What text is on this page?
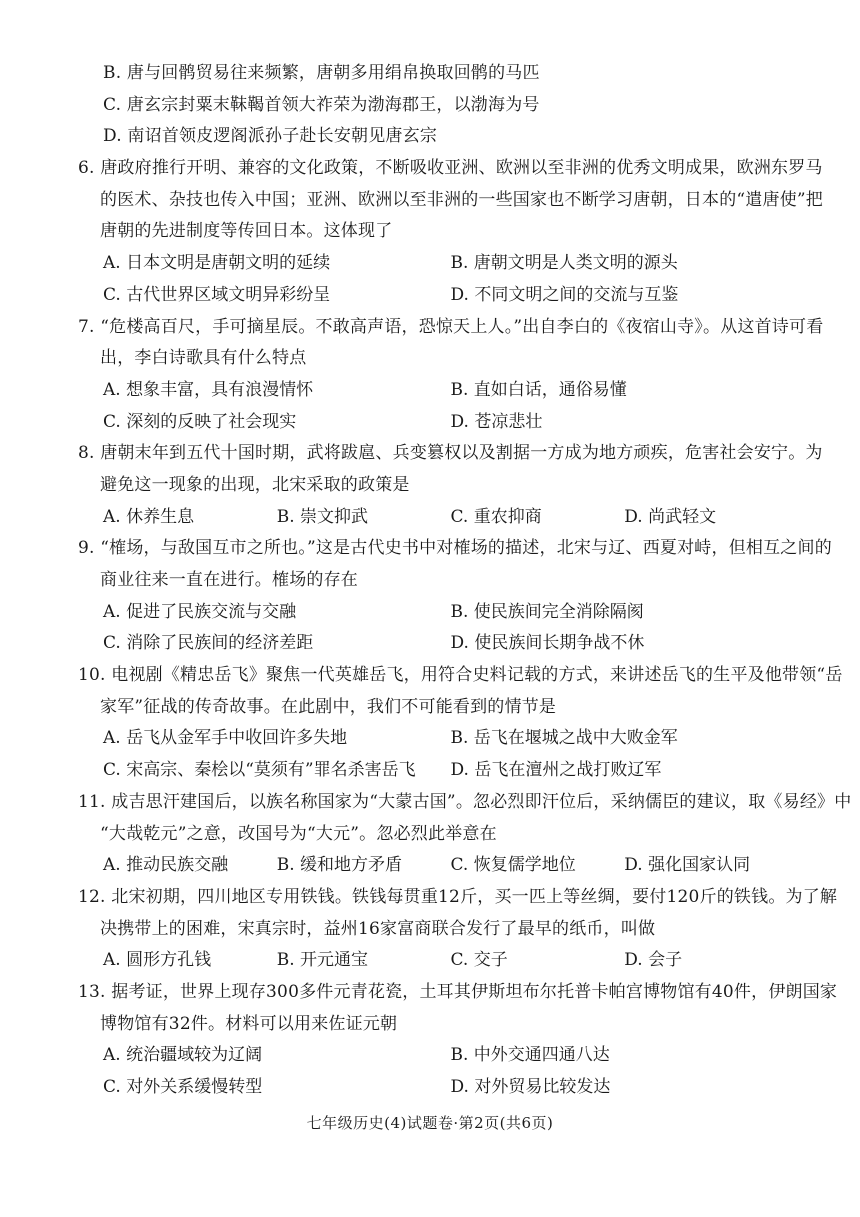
B. 唐与回鹘贸易往来频繁，唐朝多用绢帛换取回鹘的马匹
C. 唐玄宗封粟末靺鞨首领大祚荣为渤海郡王，以渤海为号
D. 南诏首领皮逻阁派孙子赴长安朝见唐玄宗
6. 唐政府推行开明、兼容的文化政策，不断吸收亚洲、欧洲以至非洲的优秀文明成果，欧洲东罗马
的医术、杂技也传入中国；亚洲、欧洲以至非洲的一些国家也不断学习唐朝，日本的“遣唐使”把
唐朝的先进制度等传回日本。这体现了
A. 日本文明是唐朝文明的延续	B. 唐朝文明是人类文明的源头
C. 古代世界区域文明异彩纷呈	D. 不同文明之间的交流与互鉴
7. “危楼高百尺，手可摘星辰。不敢高声语，恐惊天上人。”出自李白的《夜宿山寺》。从这首诗可看
出，李白诗歌具有什么特点
A. 想象丰富，具有浪漫情怀	B. 直如白话，通俗易懂
C. 深刻的反映了社会现实	D. 苍凉悲壮
8. 唐朝末年到五代十国时期，武将跋扈、兵变篡权以及割据一方成为地方顽疾，危害社会安宁。为
避免这一现象的出现，北宋采取的政策是
A. 休养生息	B. 崇文抑武	C. 重农抑商	D. 尚武轻文
9. “榷场，与敌国互市之所也。”这是古代史书中对榷场的描述，北宋与辽、西夏对峙，但相互之间的
商业往来一直在进行。榷场的存在
A. 促进了民族交流与交融	B. 使民族间完全消除隔阂
C. 消除了民族间的经济差距	D. 使民族间长期争战不休
10. 电视剧《精忠岳飞》聚焦一代英雄岳飞，用符合史料记载的方式，来讲述岳飞的生平及他带领“岳
家军”征战的传奇故事。在此剧中，我们不可能看到的情节是
A. 岳飞从金军手中收回许多失地	B. 岳飞在堰城之战中大败金军
C. 宋高宗、秦桧以“莫须有”罪名杀害岳飞	D. 岳飞在澶州之战打败辽军
11. 成吉思汗建国后，以族名称国家为“大蒙古国”。忽必烈即汗位后，采纳儒臣的建议，取《易经》中
“大哉乾元”之意，改国号为“大元”。忽必烈此举意在
A. 推动民族交融	B. 缓和地方矛盾	C. 恢复儒学地位	D. 强化国家认同
12. 北宋初期，四川地区专用铁钱。铁钱每贯重12斤，买一匹上等丝绸，要付120斤的铁钱。为了解
决携带上的困难，宋真宗时，益州16家富商联合发行了最早的纸币，叫做
A. 圆形方孔钱	B. 开元通宝	C. 交子	D. 会子
13. 据考证，世界上现存300多件元青花瓷，土耳其伊斯坦布尔托普卡帕宫博物馆有40件，伊朗国家
博物馆有32件。材料可以用来佐证元朝
A. 统治疆域较为辽阔	B. 中外交通四通八达
C. 对外关系缓慢转型	D. 对外贸易比较发达
七年级历史(4)试题卷·第2页(共6页)
